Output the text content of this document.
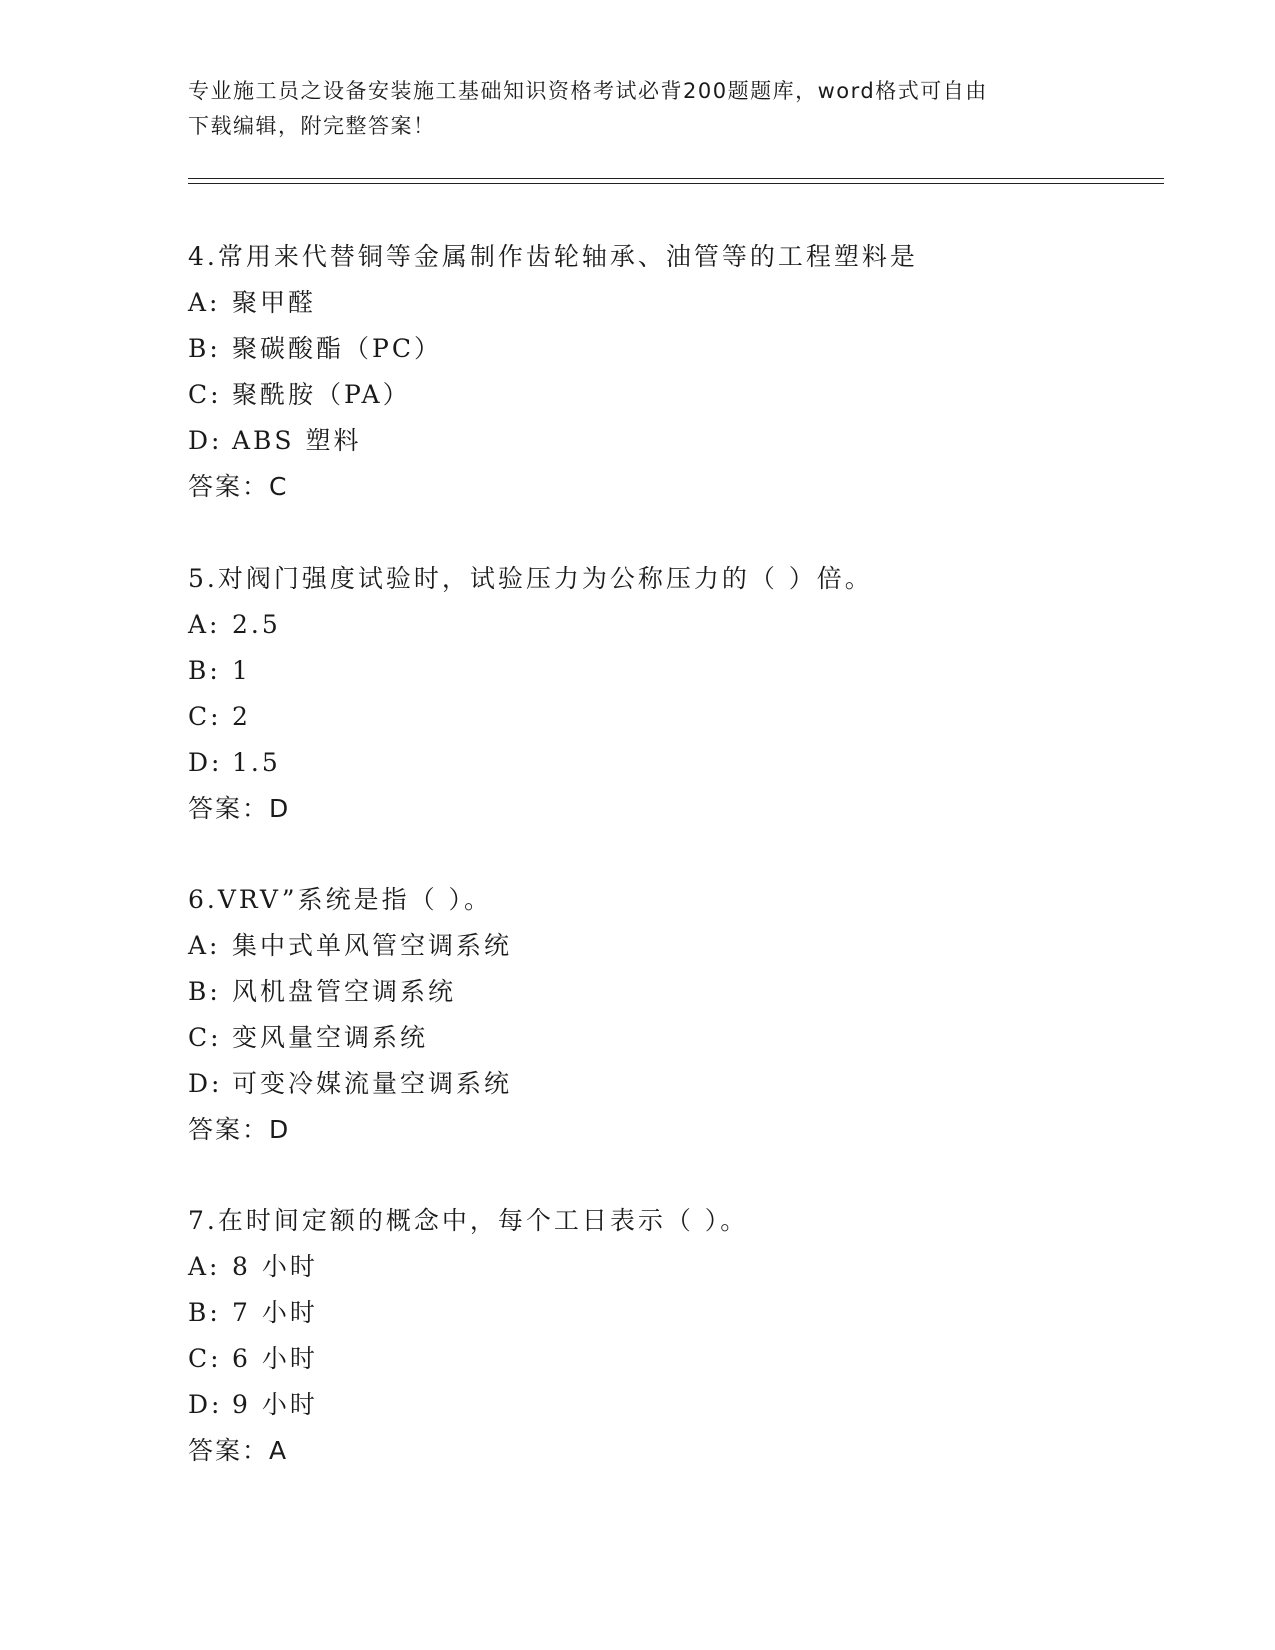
专业施工员之设备安装施工基础知识资格考试必背200题题库，word格式可自由
下载编辑，附完整答案！
4.常用来代替铜等金属制作齿轮轴承、油管等的工程塑料是
A: 聚甲醛
B: 聚碳酸酯（PC）
C: 聚酰胺（PA）
D: ABS 塑料
答案：C
5.对阀门强度试验时，试验压力为公称压力的（ ）倍。
A: 2.5
B: 1
C: 2
D: 1.5
答案：D
6.VRV”系统是指（ ）。
A: 集中式单风管空调系统
B: 风机盘管空调系统
C: 变风量空调系统
D: 可变冷媒流量空调系统
答案：D
7.在时间定额的概念中，每个工日表示（ ）。
A: 8 小时
B: 7 小时
C: 6 小时
D: 9 小时
答案：A
